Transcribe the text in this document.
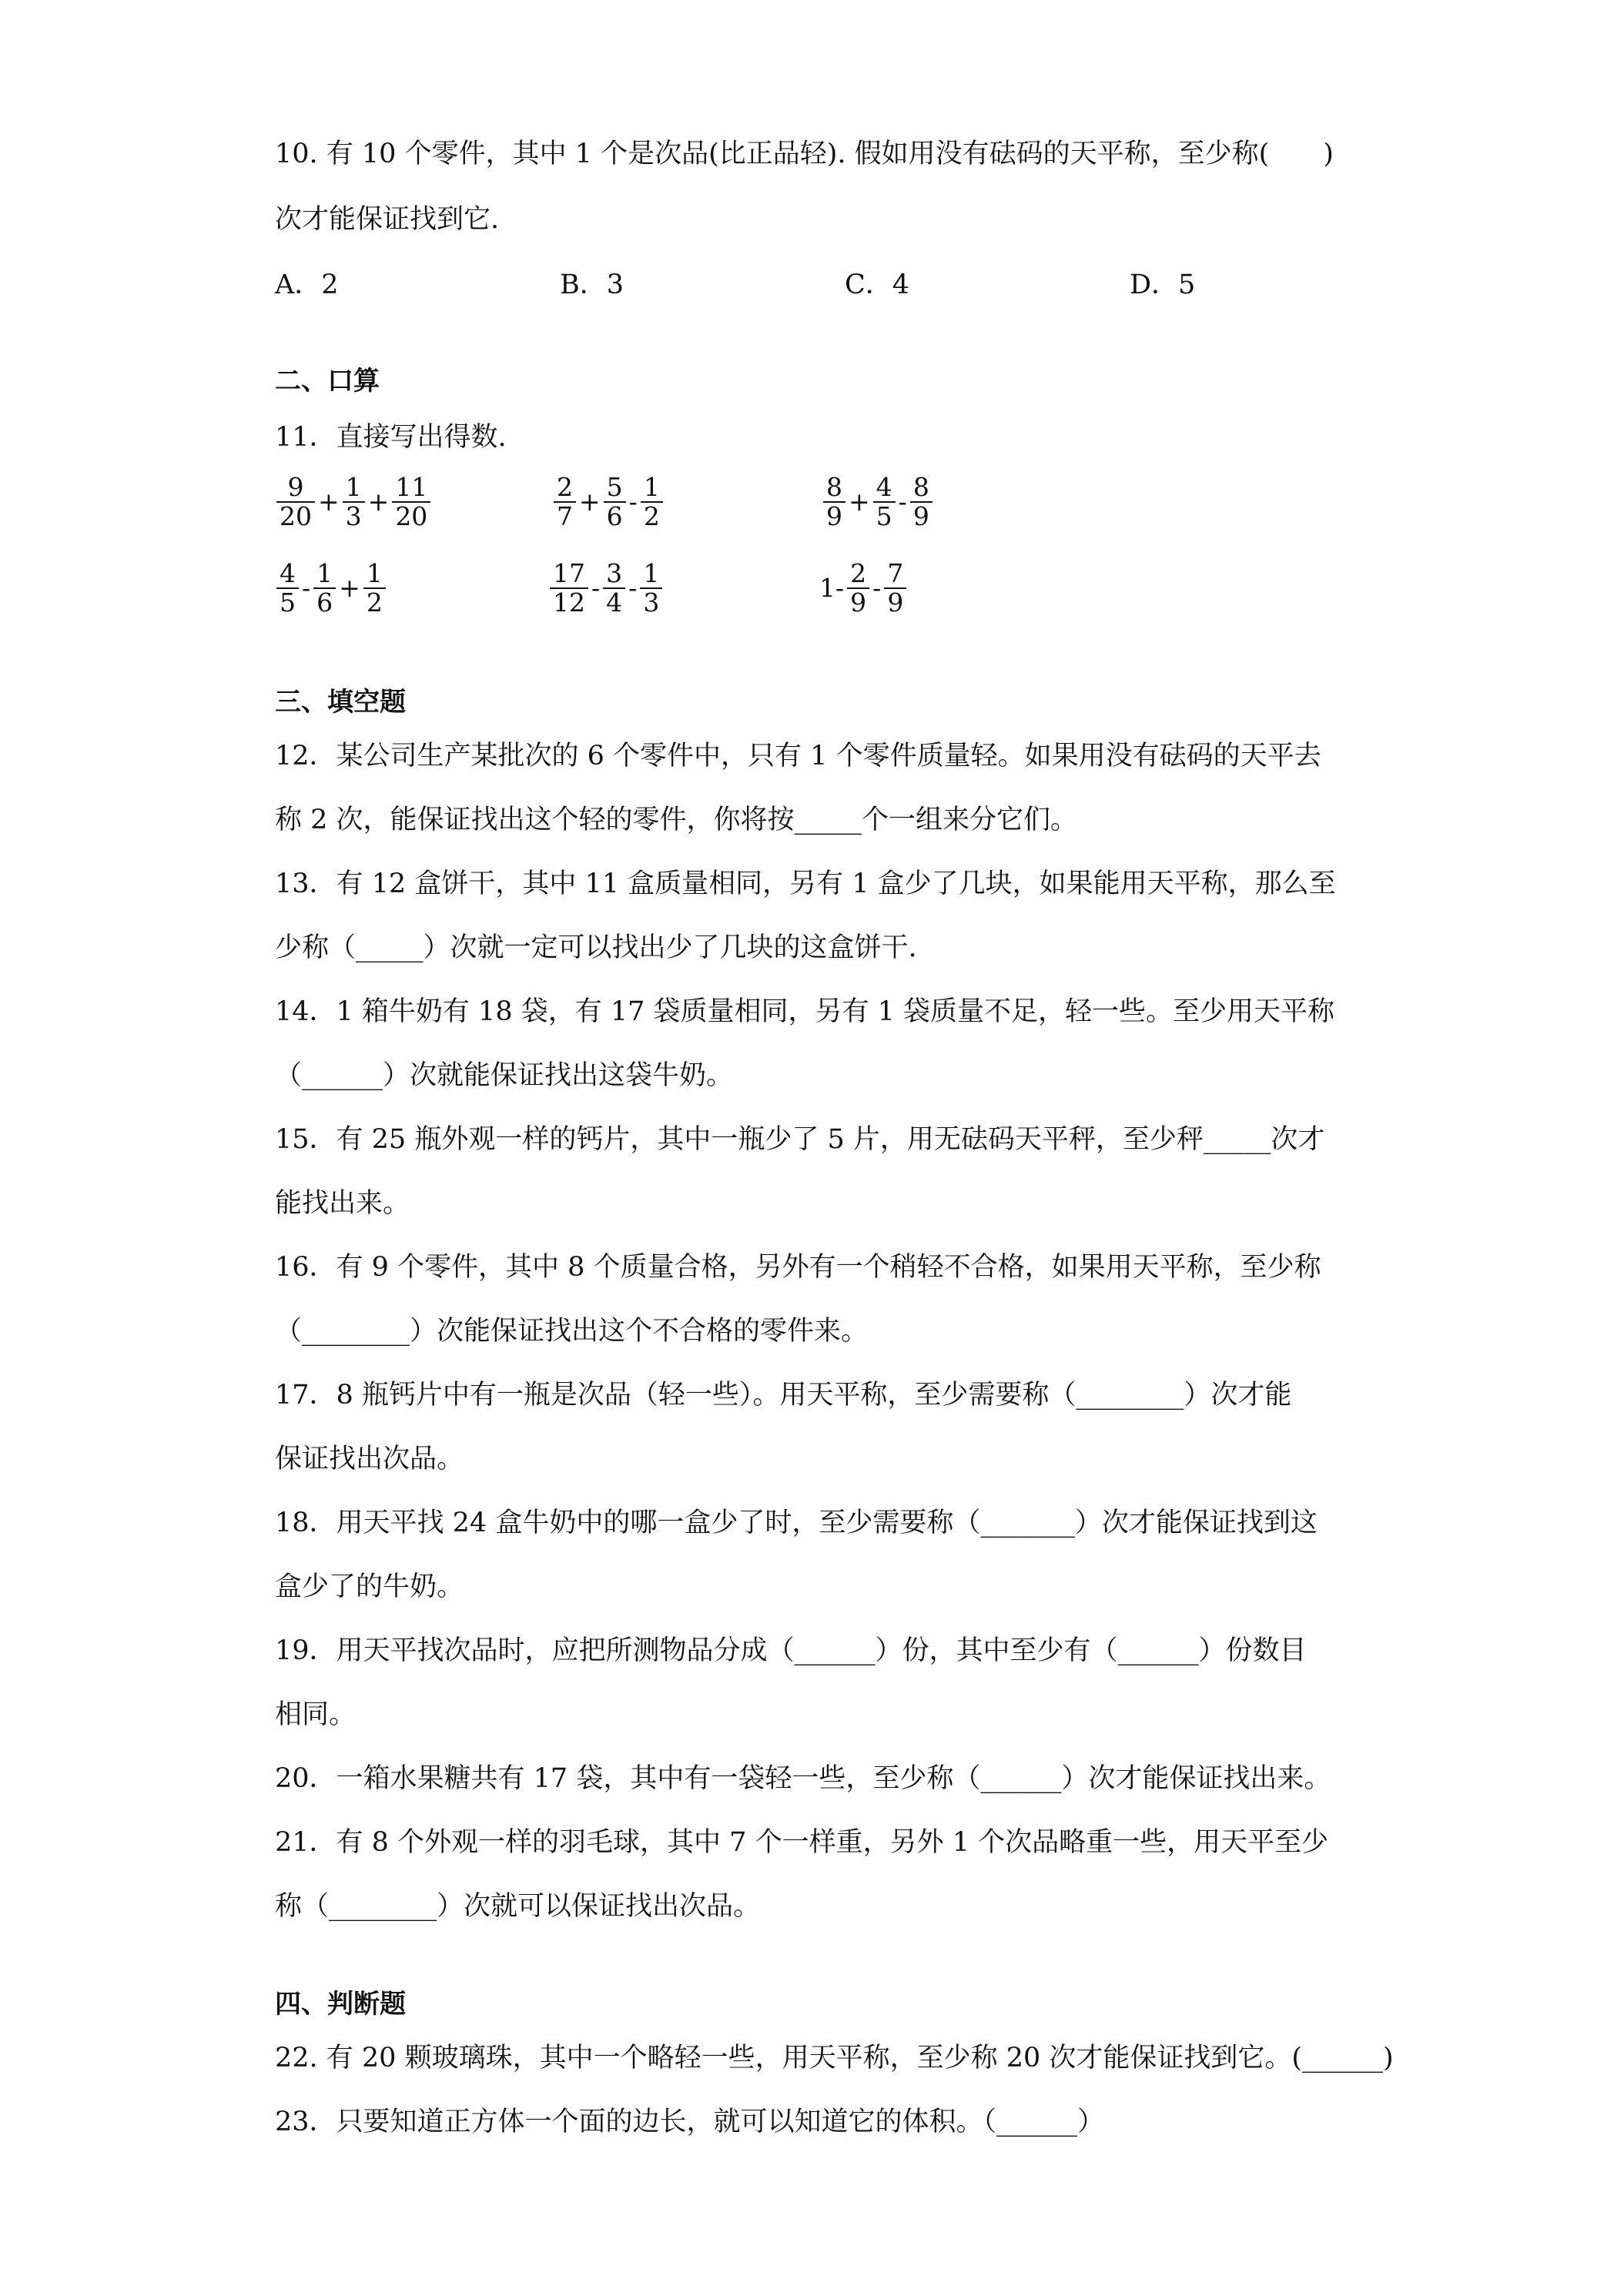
10. 有 10 个零件，其中 1 个是次品(比正品轻). 假如用没有砝码的天平称，至少称(　　)
次才能保证找到它.
A．2	B．3	C．4	D．5
二、口算
11．直接写出得数.
$\frac{9}{20} + \frac{1}{3} + \frac{11}{20}$	$\frac{2}{7} + \frac{5}{6} - \frac{1}{2}$	$\frac{8}{9} + \frac{4}{5} - \frac{8}{9}$
$\frac{4}{5} - \frac{1}{6} + \frac{1}{2}$	$\frac{17}{12} - \frac{3}{4} - \frac{1}{3}$	$1- \frac{2}{9} - \frac{7}{9}$
三、填空题
12．某公司生产某批次的 6 个零件中，只有 1 个零件质量轻。如果用没有砝码的天平去
称 2 次，能保证找出这个轻的零件，你将按_____个一组来分它们。
13．有 12 盒饼干，其中 11 盒质量相同，另有 1 盒少了几块，如果能用天平称，那么至
少称（_____）次就一定可以找出少了几块的这盒饼干.
14．1 箱牛奶有 18 袋，有 17 袋质量相同，另有 1 袋质量不足，轻一些。至少用天平称
（______）次就能保证找出这袋牛奶。
15．有 25 瓶外观一样的钙片，其中一瓶少了 5 片，用无砝码天平秤，至少秤_____次才
能找出来。
16．有 9 个零件，其中 8 个质量合格，另外有一个稍轻不合格，如果用天平称，至少称
（________）次能保证找出这个不合格的零件来。
17．8 瓶钙片中有一瓶是次品（轻一些）。用天平称，至少需要称（________）次才能
保证找出次品。
18．用天平找 24 盒牛奶中的哪一盒少了时，至少需要称（_______）次才能保证找到这
盒少了的牛奶。
19．用天平找次品时，应把所测物品分成（______）份，其中至少有（______）份数目
相同。
20．一箱水果糖共有 17 袋，其中有一袋轻一些，至少称（______）次才能保证找出来。
21．有 8 个外观一样的羽毛球，其中 7 个一样重，另外 1 个次品略重一些，用天平至少
称（________）次就可以保证找出次品。
四、判断题
22. 有 20 颗玻璃珠，其中一个略轻一些，用天平称，至少称 20 次才能保证找到它。(______)
23．只要知道正方体一个面的边长，就可以知道它的体积。（______）
